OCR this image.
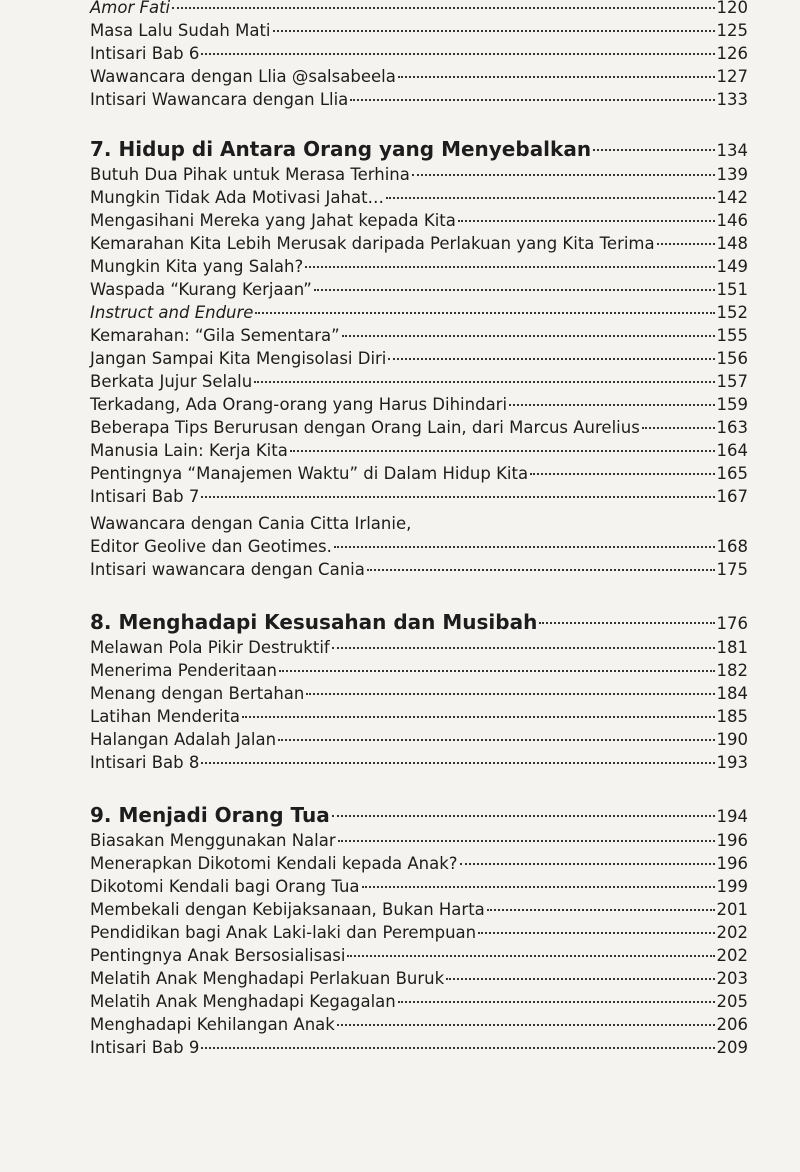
Amor Fati	120
Masa Lalu Sudah Mati	125
Intisari Bab 6	126
Wawancara dengan Llia @salsabeela	127
Intisari Wawancara dengan Llia	133
7. Hidup di Antara Orang yang Menyebalkan	134
Butuh Dua Pihak untuk Merasa Terhina	139
Mungkin Tidak Ada Motivasi Jahat…	142
Mengasihani Mereka yang Jahat kepada Kita	146
Kemarahan Kita Lebih Merusak daripada Perlakuan yang Kita Terima	148
Mungkin Kita yang Salah?	149
Waspada “Kurang Kerjaan”	151
Instruct and Endure	152
Kemarahan: “Gila Sementara”	155
Jangan Sampai Kita Mengisolasi Diri	156
Berkata Jujur Selalu	157
Terkadang, Ada Orang-orang yang Harus Dihindari	159
Beberapa Tips Berurusan dengan Orang Lain, dari Marcus Aurelius	163
Manusia Lain: Kerja Kita	164
Pentingnya “Manajemen Waktu” di Dalam Hidup Kita	165
Intisari Bab 7	167
Wawancara dengan Cania Citta Irlanie,
Editor Geolive dan Geotimes.	168
Intisari wawancara dengan Cania	175
8. Menghadapi Kesusahan dan Musibah	176
Melawan Pola Pikir Destruktif	181
Menerima Penderitaan	182
Menang dengan Bertahan	184
Latihan Menderita	185
Halangan Adalah Jalan	190
Intisari Bab 8	193
9. Menjadi Orang Tua	194
Biasakan Menggunakan Nalar	196
Menerapkan Dikotomi Kendali kepada Anak?	196
Dikotomi Kendali bagi Orang Tua	199
Membekali dengan Kebijaksanaan, Bukan Harta	201
Pendidikan bagi Anak Laki-laki dan Perempuan	202
Pentingnya Anak Bersosialisasi	202
Melatih Anak Menghadapi Perlakuan Buruk	203
Melatih Anak Menghadapi Kegagalan	205
Menghadapi Kehilangan Anak	206
Intisari Bab 9	209
